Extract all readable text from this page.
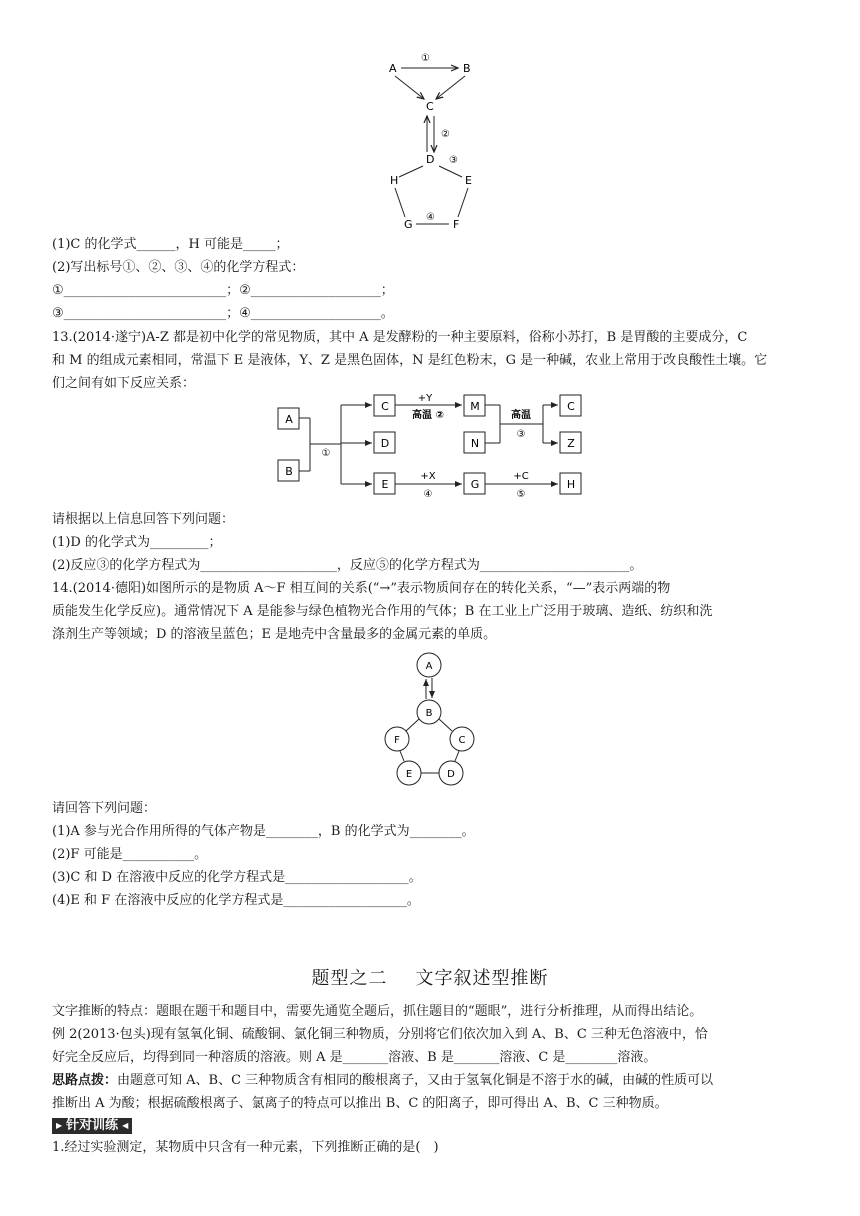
A	B
①
C
②
D ③
H	E
G	F
④
(1)C 的化学式______，H 可能是_____；
(2)写出标号①、②、③、④的化学方程式：
①_________________________；②____________________；
③_________________________；④____________________。
13.(2014·遂宁)A-Z 都是初中化学的常见物质，其中 A 是发酵粉的一种主要原料，俗称小苏打，B 是胃酸的主要成分，C
和 M 的组成元素相同，常温下 E 是液体，Y、Z 是黑色固体，N 是红色粉末，G 是一种碱，农业上常用于改良酸性土壤。它
们之间有如下反应关系：
A
B
C
D
E
M
N
G
C
Z
H
+Y
高温 ②	高温
③
①
+X
④
+C
⑤
请根据以上信息回答下列问题：
(1)D 的化学式为_________；
(2)反应③的化学方程式为_____________________，反应⑤的化学方程式为_______________________。
14.(2014·德阳)如图所示的是物质 A～F 相互间的关系(“→”表示物质间存在的转化关系，“—”表示两端的物
质能发生化学反应)。通常情况下 A 是能参与绿色植物光合作用的气体；B 在工业上广泛用于玻璃、造纸、纺织和洗
涤剂生产等领域；D 的溶液呈蓝色；E 是地壳中含量最多的金属元素的单质。
A
B
F	C
E	D
请回答下列问题：
(1)A 参与光合作用所得的气体产物是________，B 的化学式为________。
(2)F 可能是___________。
(3)C 和 D 在溶液中反应的化学方程式是___________________。
(4)E 和 F 在溶液中反应的化学方程式是___________________。
题型之二 文字叙述型推断
文字推断的特点：题眼在题干和题目中，需要先通览全题后，抓住题目的“题眼”，进行分析推理，从而得出结论。
例 2(2013·包头)现有氢氧化铜、硫酸铜、氯化铜三种物质，分别将它们依次加入到 A、B、C 三种无色溶液中，恰
好完全反应后，均得到同一种溶质的溶液。则 A 是_______溶液、B 是_______溶液、C 是________溶液。
思路点拨：由题意可知 A、B、C 三种物质含有相同的酸根离子，又由于氢氧化铜是不溶于水的碱，由碱的性质可以
推断出 A 为酸；根据硫酸根离子、氯离子的特点可以推出 B、C 的阳离子，即可得出 A、B、C 三种物质。
▶ 针对训练 ◀
1.经过实验测定，某物质中只含有一种元素，下列推断正确的是(　)
